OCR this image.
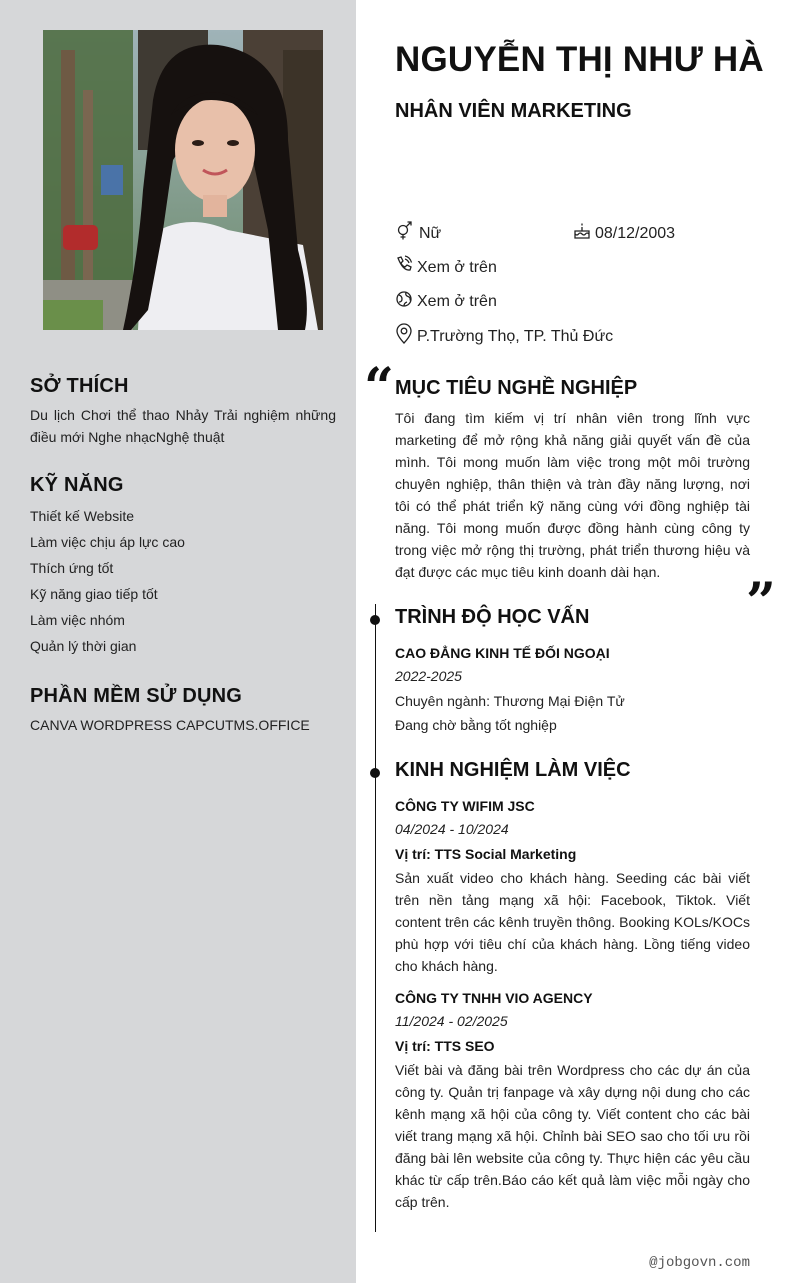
SỞ THÍCH
Du lịch Chơi thể thao Nhảy Trải nghiệm những điều mới Nghe nhạcNghệ thuật
KỸ NĂNG
Thiết kế Website
Làm việc chịu áp lực cao
Thích ứng tốt
Kỹ năng giao tiếp tốt
Làm việc nhóm
Quản lý thời gian
PHẦN MỀM SỬ DỤNG
CANVA WORDPRESS CAPCUTMS.OFFICE
NGUYỄN THỊ NHƯ HÀ
NHÂN VIÊN MARKETING
Nữ	08/12/2003
Xem ở trên
Xem ở trên
P.Trường Thọ, TP. Thủ Đức
“ MỤC TIÊU NGHỀ NGHIỆP
Tôi đang tìm kiếm vị trí nhân viên trong lĩnh vực marketing để mở rộng khả năng giải quyết vấn đề của mình. Tôi mong muốn làm việc trong một môi trường chuyên nghiệp, thân thiện và tràn đầy năng lượng, nơi tôi có thể phát triển kỹ năng cùng với đồng nghiệp tài năng. Tôi mong muốn được đồng hành cùng công ty trong việc mở rộng thị trường, phát triển thương hiệu và đạt được các mục tiêu kinh doanh dài hạn.	”
TRÌNH ĐỘ HỌC VẤN
CAO ĐẲNG KINH TẾ ĐỐI NGOẠI
2022-2025
Chuyên ngành: Thương Mại Điện Tử
Đang chờ bằng tốt nghiệp
KINH NGHIỆM LÀM VIỆC
CÔNG TY WIFIM JSC
04/2024 - 10/2024
Vị trí: TTS Social Marketing
Sản xuất video cho khách hàng. Seeding các bài viết trên nền tảng mạng xã hội: Facebook, Tiktok. Viết content trên các kênh truyền thông. Booking KOLs/KOCs phù hợp với tiêu chí của khách hàng. Lồng tiếng video cho khách hàng.
CÔNG TY TNHH VIO AGENCY
11/2024 - 02/2025
Vị trí: TTS SEO
Viết bài và đăng bài trên Wordpress cho các dự án của công ty. Quản trị fanpage và xây dựng nội dung cho các kênh mạng xã hội của công ty. Viết content cho các bài viết trang mạng xã hội. Chỉnh bài SEO sao cho tối ưu rồi đăng bài lên website của công ty. Thực hiện các yêu cầu khác từ cấp trên.Báo cáo kết quả làm việc mỗi ngày cho cấp trên.
@jobgovn.com
